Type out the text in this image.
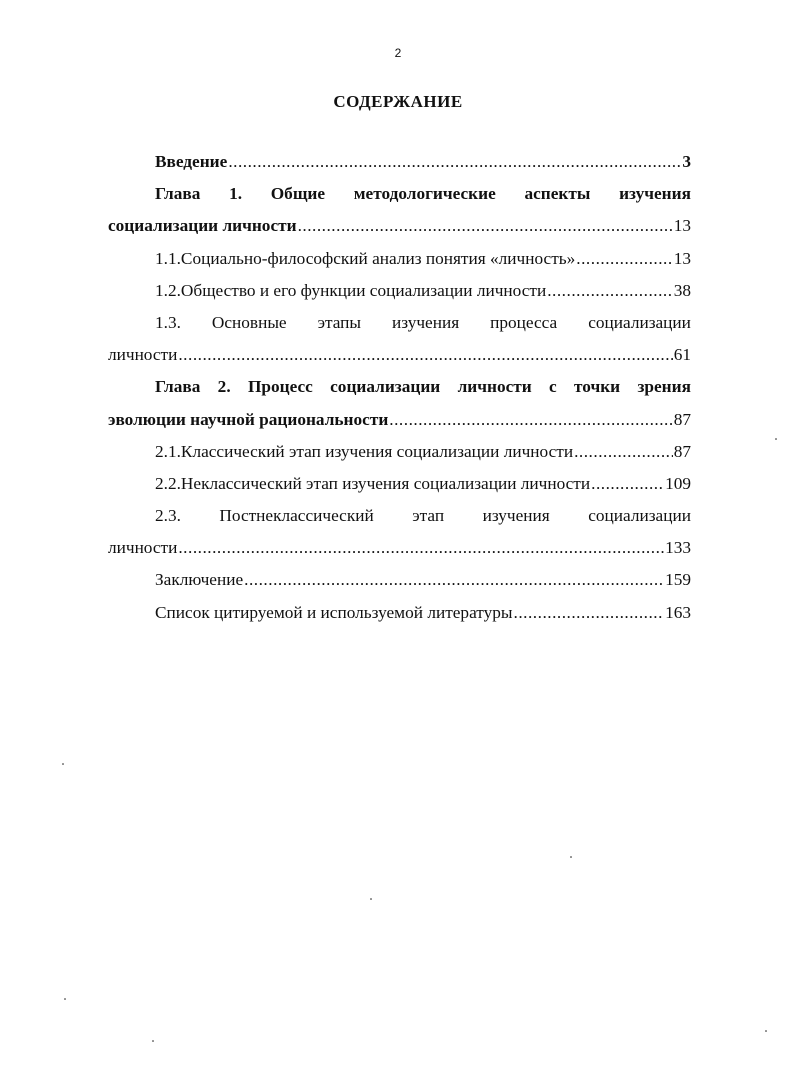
2
СОДЕРЖАНИЕ
Введение .....	3
Глава 1. Общие методологические аспекты изучения
социализации личности .....	13
1.1. Социально-философский анализ понятия «личность» .....	13
1.2. Общество и его функции социализации личности .....	38
1.3. Основные этапы изучения процесса социализации
личности .....	61
Глава 2. Процесс социализации личности с точки зрения
эволюции научной рациональности .....	87
2.1. Классический этап изучения социализации личности .....	87
2.2. Неклассический этап изучения социализации личности .....	109
2.3. Постнеклассический этап изучения социализации
личности .....	133
Заключение .....	159
Список цитируемой и используемой литературы .....	163
